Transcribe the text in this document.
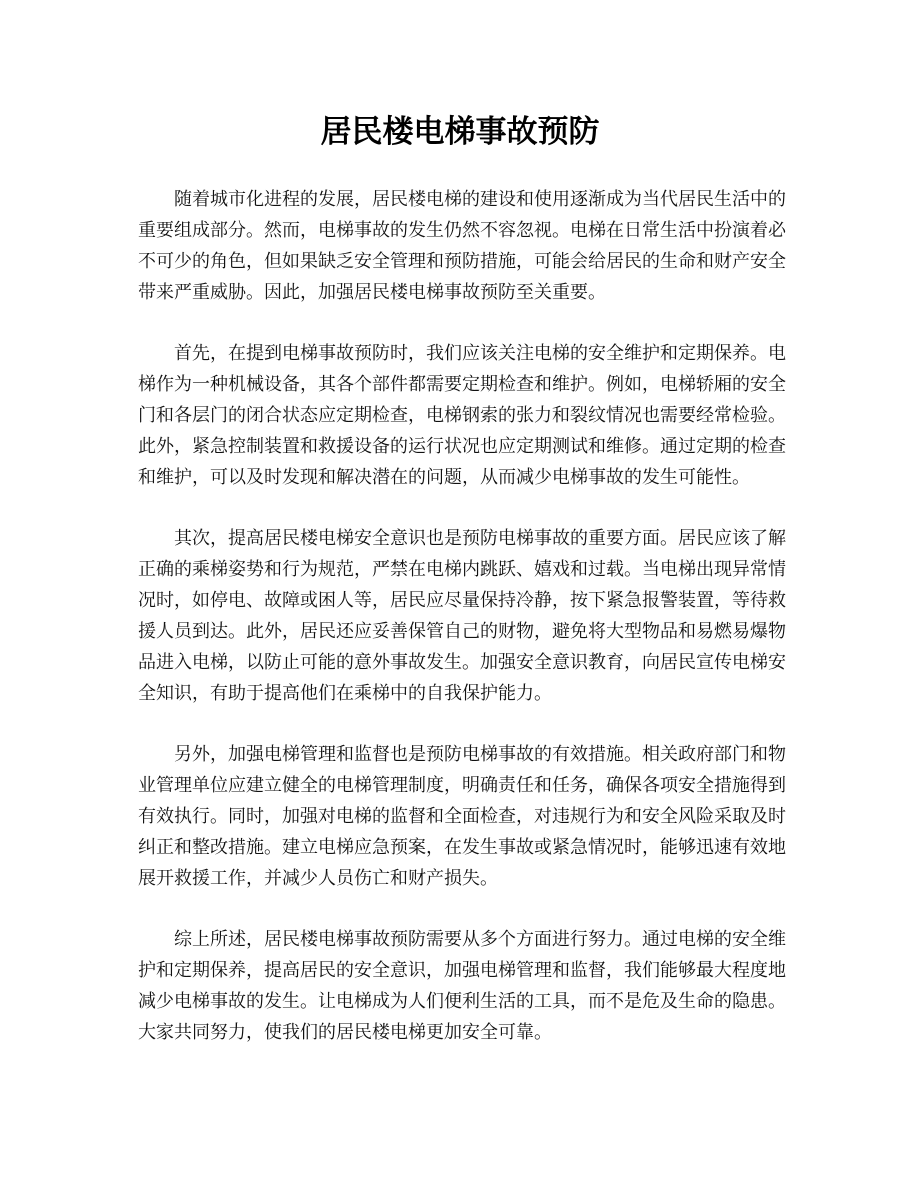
居民楼电梯事故预防

随着城市化进程的发展，居民楼电梯的建设和使用逐渐成为当代居民生活中的重要组成部分。然而，电梯事故的发生仍然不容忽视。电梯在日常生活中扮演着必不可少的角色，但如果缺乏安全管理和预防措施，可能会给居民的生命和财产安全带来严重威胁。因此，加强居民楼电梯事故预防至关重要。

首先，在提到电梯事故预防时，我们应该关注电梯的安全维护和定期保养。电梯作为一种机械设备，其各个部件都需要定期检查和维护。例如，电梯轿厢的安全门和各层门的闭合状态应定期检查，电梯钢索的张力和裂纹情况也需要经常检验。此外，紧急控制装置和救援设备的运行状况也应定期测试和维修。通过定期的检查和维护，可以及时发现和解决潜在的问题，从而减少电梯事故的发生可能性。

其次，提高居民楼电梯安全意识也是预防电梯事故的重要方面。居民应该了解正确的乘梯姿势和行为规范，严禁在电梯内跳跃、嬉戏和过载。当电梯出现异常情况时，如停电、故障或困人等，居民应尽量保持冷静，按下紧急报警装置，等待救援人员到达。此外，居民还应妥善保管自己的财物，避免将大型物品和易燃易爆物品进入电梯，以防止可能的意外事故发生。加强安全意识教育，向居民宣传电梯安全知识，有助于提高他们在乘梯中的自我保护能力。

另外，加强电梯管理和监督也是预防电梯事故的有效措施。相关政府部门和物业管理单位应建立健全的电梯管理制度，明确责任和任务，确保各项安全措施得到有效执行。同时，加强对电梯的监督和全面检查，对违规行为和安全风险采取及时纠正和整改措施。建立电梯应急预案，在发生事故或紧急情况时，能够迅速有效地展开救援工作，并减少人员伤亡和财产损失。

综上所述，居民楼电梯事故预防需要从多个方面进行努力。通过电梯的安全维护和定期保养，提高居民的安全意识，加强电梯管理和监督，我们能够最大程度地减少电梯事故的发生。让电梯成为人们便利生活的工具，而不是危及生命的隐患。大家共同努力，使我们的居民楼电梯更加安全可靠。
